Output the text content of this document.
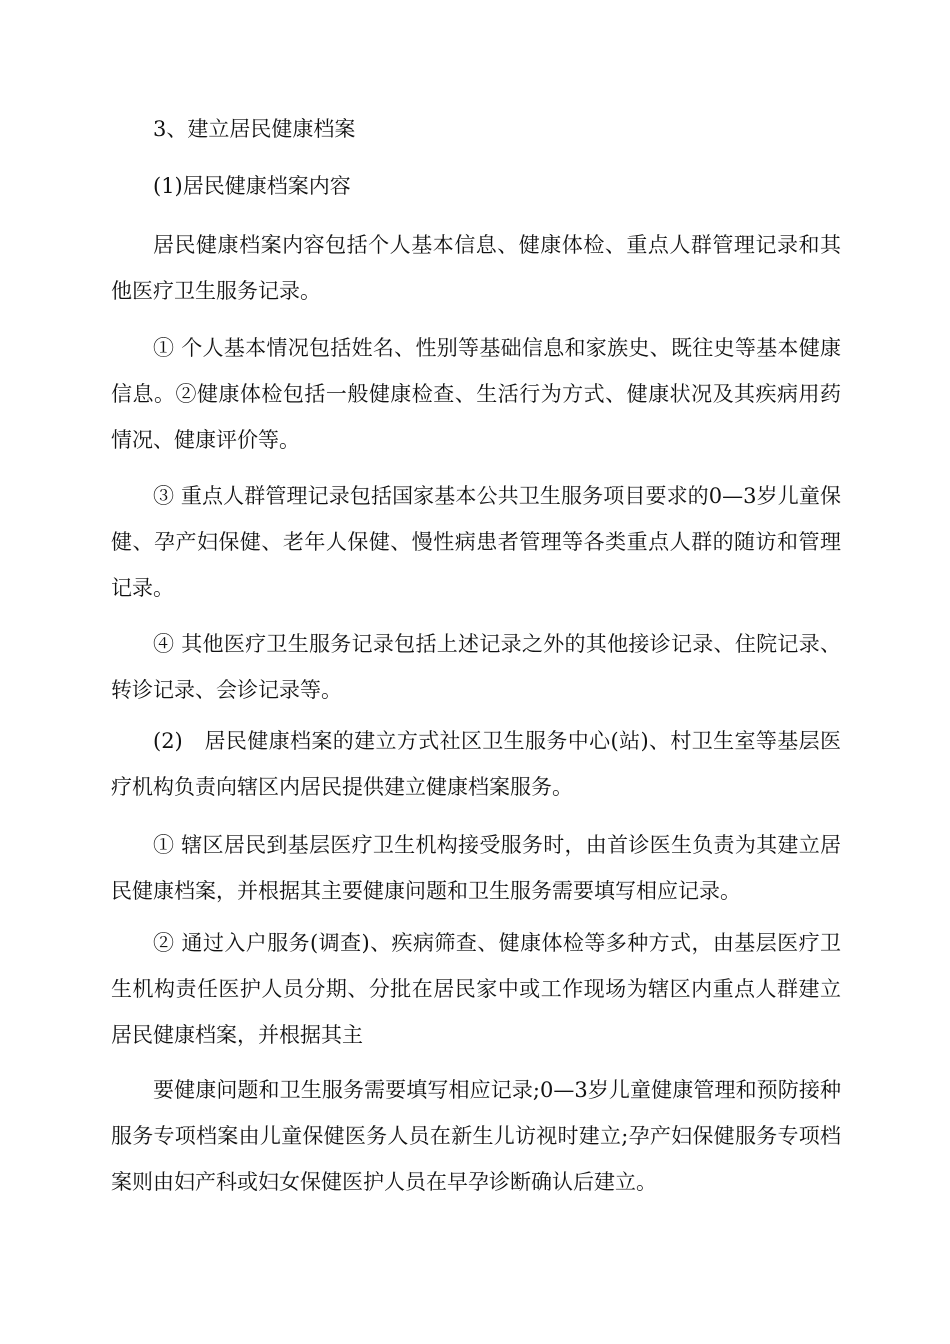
3、建立居民健康档案

(1)居民健康档案内容

居民健康档案内容包括个人基本信息、健康体检、重点人群管理记录和其他医疗卫生服务记录。

① 个人基本情况包括姓名、性别等基础信息和家族史、既往史等基本健康信息。②健康体检包括一般健康检查、生活行为方式、健康状况及其疾病用药情况、健康评价等。

③ 重点人群管理记录包括国家基本公共卫生服务项目要求的0—3岁儿童保健、孕产妇保健、老年人保健、慢性病患者管理等各类重点人群的随访和管理记录。

④ 其他医疗卫生服务记录包括上述记录之外的其他接诊记录、住院记录、转诊记录、会诊记录等。

(2)　居民健康档案的建立方式社区卫生服务中心(站)、村卫生室等基层医疗机构负责向辖区内居民提供建立健康档案服务。

① 辖区居民到基层医疗卫生机构接受服务时，由首诊医生负责为其建立居民健康档案，并根据其主要健康问题和卫生服务需要填写相应记录。

② 通过入户服务(调查)、疾病筛查、健康体检等多种方式，由基层医疗卫生机构责任医护人员分期、分批在居民家中或工作现场为辖区内重点人群建立居民健康档案，并根据其主

要健康问题和卫生服务需要填写相应记录;0—3岁儿童健康管理和预防接种服务专项档案由儿童保健医务人员在新生儿访视时建立;孕产妇保健服务专项档案则由妇产科或妇女保健医护人员在早孕诊断确认后建立。
